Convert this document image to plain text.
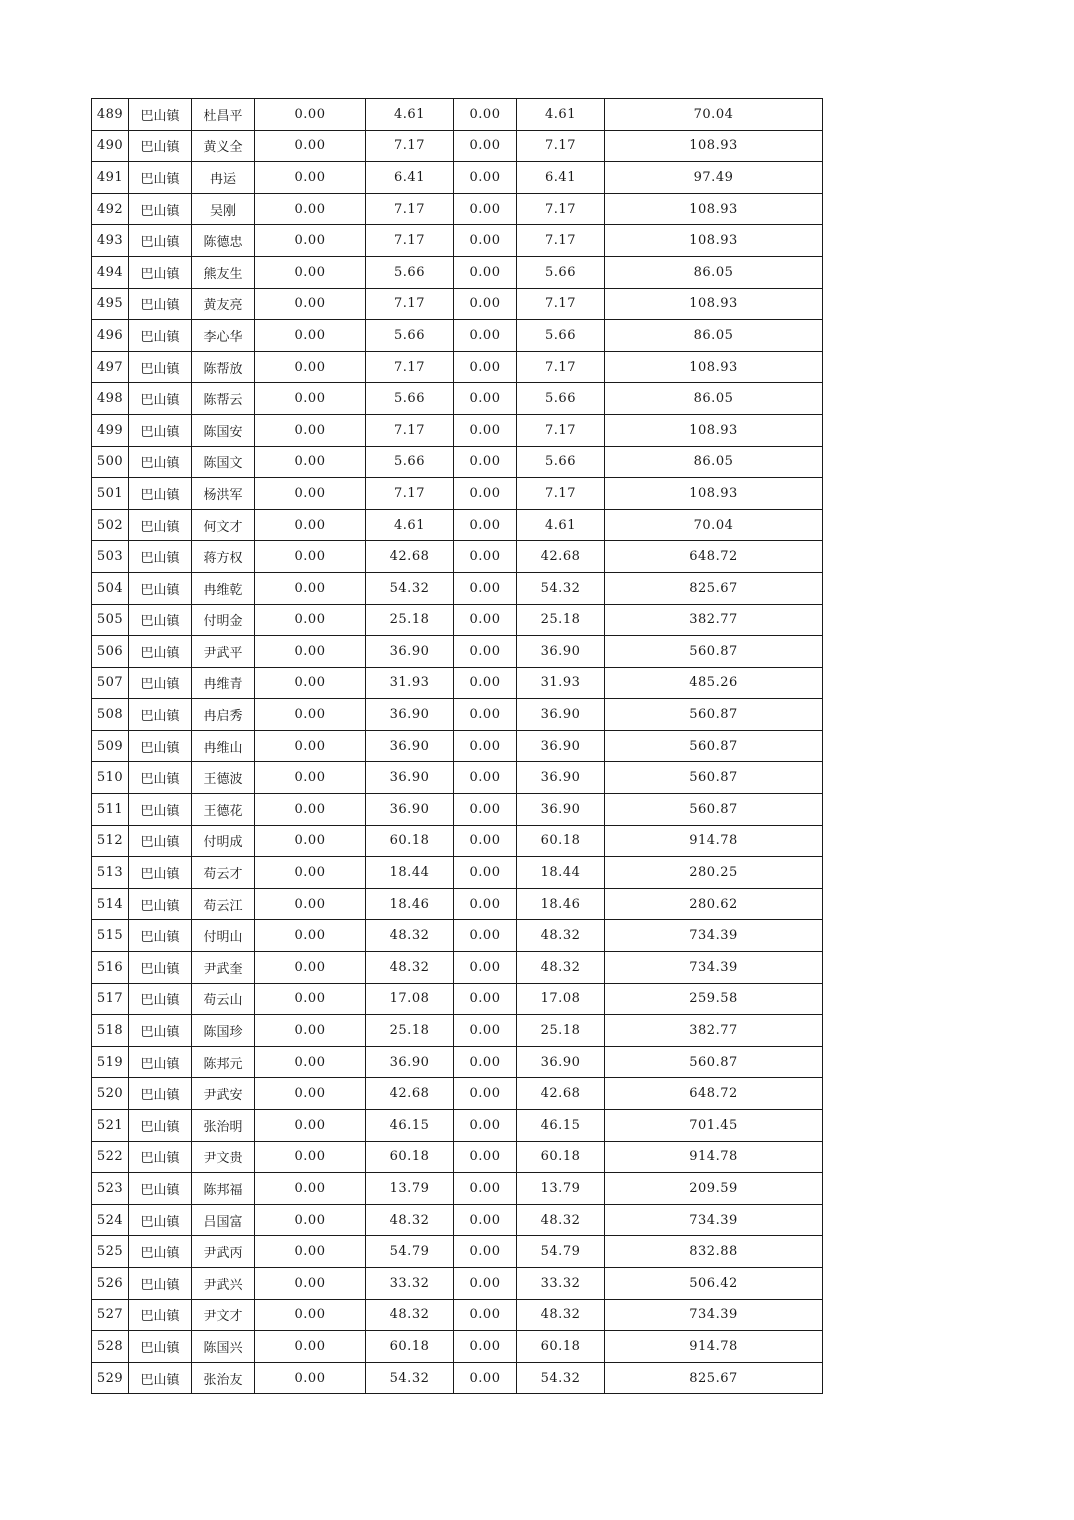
489	巴山镇	杜昌平	0.00	4.61	0.00	4.61	70.04
490	巴山镇	黄义全	0.00	7.17	0.00	7.17	108.93
491	巴山镇	冉运	0.00	6.41	0.00	6.41	97.49
492	巴山镇	吴刚	0.00	7.17	0.00	7.17	108.93
493	巴山镇	陈德忠	0.00	7.17	0.00	7.17	108.93
494	巴山镇	熊友生	0.00	5.66	0.00	5.66	86.05
495	巴山镇	黄友亮	0.00	7.17	0.00	7.17	108.93
496	巴山镇	李心华	0.00	5.66	0.00	5.66	86.05
497	巴山镇	陈帮放	0.00	7.17	0.00	7.17	108.93
498	巴山镇	陈帮云	0.00	5.66	0.00	5.66	86.05
499	巴山镇	陈国安	0.00	7.17	0.00	7.17	108.93
500	巴山镇	陈国文	0.00	5.66	0.00	5.66	86.05
501	巴山镇	杨洪军	0.00	7.17	0.00	7.17	108.93
502	巴山镇	何文才	0.00	4.61	0.00	4.61	70.04
503	巴山镇	蒋方权	0.00	42.68	0.00	42.68	648.72
504	巴山镇	冉维乾	0.00	54.32	0.00	54.32	825.67
505	巴山镇	付明金	0.00	25.18	0.00	25.18	382.77
506	巴山镇	尹武平	0.00	36.90	0.00	36.90	560.87
507	巴山镇	冉维青	0.00	31.93	0.00	31.93	485.26
508	巴山镇	冉启秀	0.00	36.90	0.00	36.90	560.87
509	巴山镇	冉维山	0.00	36.90	0.00	36.90	560.87
510	巴山镇	王德波	0.00	36.90	0.00	36.90	560.87
511	巴山镇	王德花	0.00	36.90	0.00	36.90	560.87
512	巴山镇	付明成	0.00	60.18	0.00	60.18	914.78
513	巴山镇	苟云才	0.00	18.44	0.00	18.44	280.25
514	巴山镇	苟云江	0.00	18.46	0.00	18.46	280.62
515	巴山镇	付明山	0.00	48.32	0.00	48.32	734.39
516	巴山镇	尹武奎	0.00	48.32	0.00	48.32	734.39
517	巴山镇	苟云山	0.00	17.08	0.00	17.08	259.58
518	巴山镇	陈国珍	0.00	25.18	0.00	25.18	382.77
519	巴山镇	陈邦元	0.00	36.90	0.00	36.90	560.87
520	巴山镇	尹武安	0.00	42.68	0.00	42.68	648.72
521	巴山镇	张治明	0.00	46.15	0.00	46.15	701.45
522	巴山镇	尹文贵	0.00	60.18	0.00	60.18	914.78
523	巴山镇	陈邦福	0.00	13.79	0.00	13.79	209.59
524	巴山镇	吕国富	0.00	48.32	0.00	48.32	734.39
525	巴山镇	尹武丙	0.00	54.79	0.00	54.79	832.88
526	巴山镇	尹武兴	0.00	33.32	0.00	33.32	506.42
527	巴山镇	尹文才	0.00	48.32	0.00	48.32	734.39
528	巴山镇	陈国兴	0.00	60.18	0.00	60.18	914.78
529	巴山镇	张治友	0.00	54.32	0.00	54.32	825.67
